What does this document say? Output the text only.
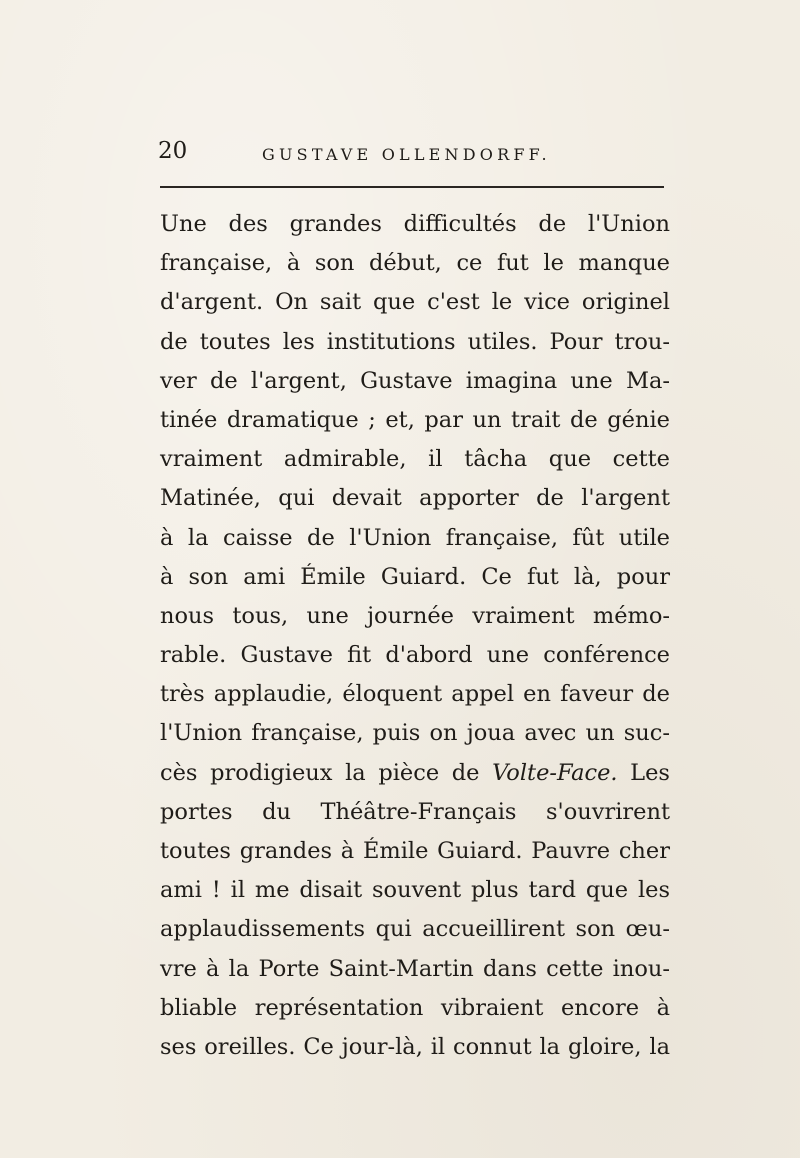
20	GUSTAVE OLLENDORFF.
Une des grandes difficultés de l'Union
française, à son début, ce fut le manque
d'argent. On sait que c'est le vice originel
de toutes les institutions utiles. Pour trou-
ver de l'argent, Gustave imagina une Ma-
tinée dramatique ; et, par un trait de génie
vraiment admirable, il tâcha que cette
Matinée, qui devait apporter de l'argent
à la caisse de l'Union française, fût utile
à son ami Émile Guiard. Ce fut là, pour
nous tous, une journée vraiment mémo-
rable. Gustave fit d'abord une conférence
très applaudie, éloquent appel en faveur de
l'Union française, puis on joua avec un suc-
cès prodigieux la pièce de Volte-Face. Les
portes du Théâtre-Français s'ouvrirent
toutes grandes à Émile Guiard. Pauvre cher
ami ! il me disait souvent plus tard que les
applaudissements qui accueillirent son œu-
vre à la Porte Saint-Martin dans cette inou-
bliable représentation vibraient encore à
ses oreilles. Ce jour-là, il connut la gloire, la
